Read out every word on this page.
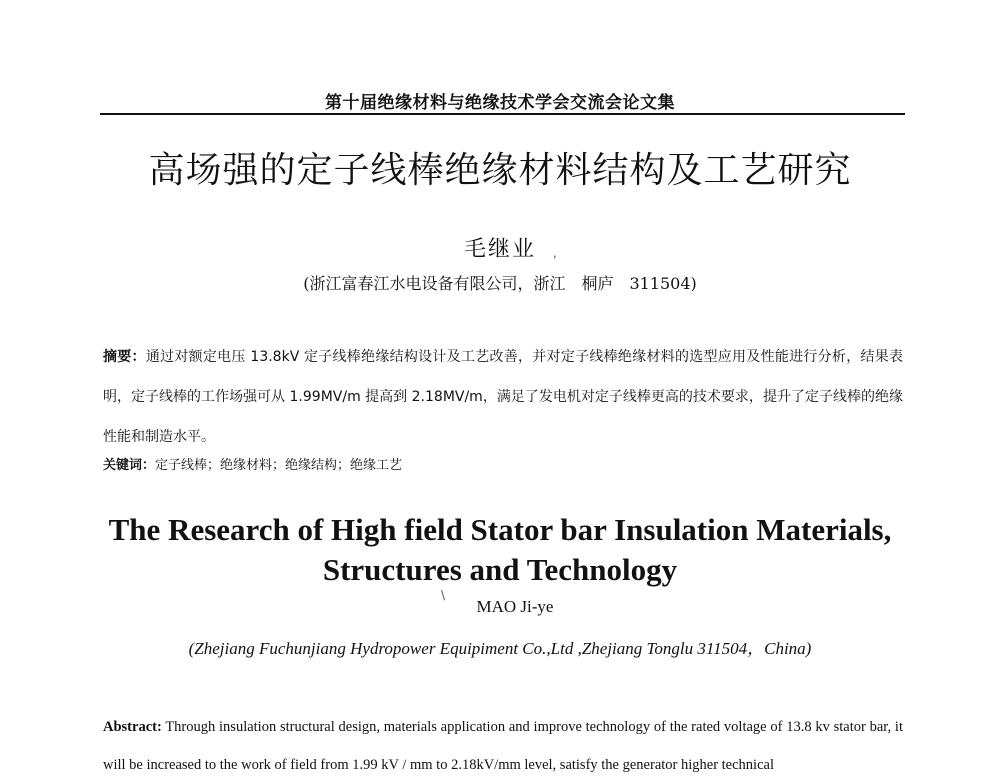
第十届绝缘材料与绝缘技术学会交流会论文集
高场强的定子线棒绝缘材料结构及工艺研究
毛继业	,
(浙江富春江水电设备有限公司，浙江　桐庐　311504)
摘要：通过对额定电压 13.8kV 定子线棒绝缘结构设计及工艺改善，并对定子线棒绝缘材料的选型应用及性能进行分析，结果表明，定子线棒的工作场强可从 1.99MV/m 提高到 2.18MV/m，满足了发电机对定子线棒更高的技术要求，提升了定子线棒的绝缘性能和制造水平。
关键词：定子线棒；绝缘材料；绝缘结构；绝缘工艺
The Research of High field Stator bar Insulation Materials,
Structures and Technology
\
MAO Ji-ye
(Zhejiang Fuchunjiang Hydropower Equipiment Co.,Ltd ,Zhejiang Tonglu 311504，China)
Abstract: Through insulation structural design, materials application and improve technology of the rated voltage of 13.8 kv stator bar, it will be increased to the work of field from 1.99 kV / mm to 2.18kV/mm level, satisfy the generator higher technical
